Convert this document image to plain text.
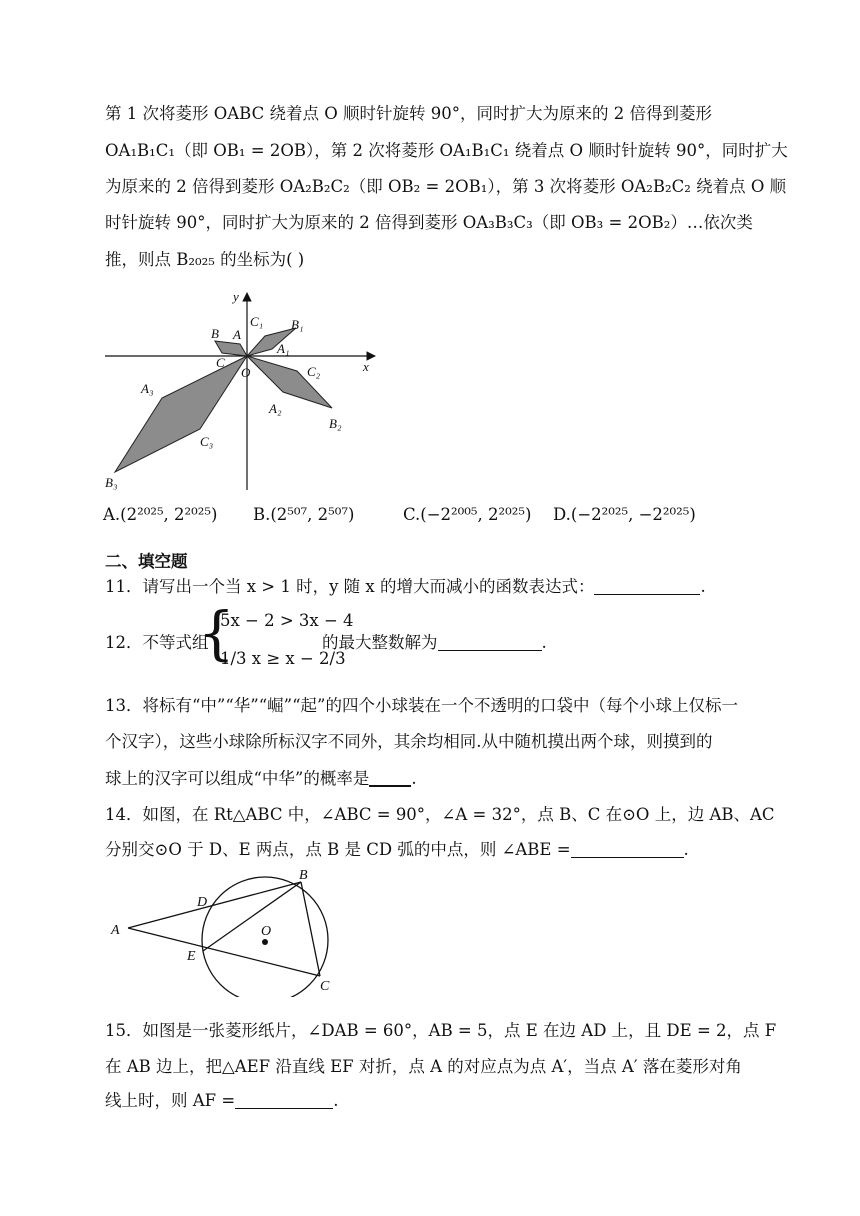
第 1 次将菱形 OABC 绕着点 O 顺时针旋转 90°，同时扩大为原来的 2 倍得到菱形
OA₁B₁C₁（即 OB₁ = 2OB），第 2 次将菱形 OA₁B₁C₁ 绕着点 O 顺时针旋转 90°，同时扩大
为原来的 2 倍得到菱形 OA₂B₂C₂（即 OB₂ = 2OB₁），第 3 次将菱形 OA₂B₂C₂ 绕着点 O 顺
时针旋转 90°，同时扩大为原来的 2 倍得到菱形 OA₃B₃C₃（即 OB₃ = 2OB₂）…依次类
推，则点 B₂₀₂₅ 的坐标为( )
y
x
B A
C₁ B₁
A₁
C
O	C₂
A₃
A₂
B₂
C₃
B₃
A.(2²⁰²⁵, 2²⁰²⁵) B.(2⁵⁰⁷, 2⁵⁰⁷)	C.(−2²⁰⁰⁵, 2²⁰²⁵) D.(−2²⁰²⁵, −2²⁰²⁵)
二、填空题
11．请写出一个当 x > 1 时，y 随 x 的增大而减小的函数表达式：	.
12．不等式组
{
5x − 2 > 3x − 4
1/3 x ≥ x − 2/3
的最大整数解为	.
13．将标有“中”“华”“崛”“起”的四个小球装在一个不透明的口袋中（每个小球上仅标一
个汉字），这些小球除所标汉字不同外，其余均相同.从中随机摸出两个球，则摸到的
球上的汉字可以组成“中华”的概率是	.
14．如图，在 Rt△ABC 中，∠ABC = 90°，∠A = 32°，点 B、C 在⊙O 上，边 AB、AC
分别交⊙O 于 D、E 两点，点 B 是 CD 弧的中点，则 ∠ABE =	.
A
B
C
D
E
O
15．如图是一张菱形纸片，∠DAB = 60°，AB = 5，点 E 在边 AD 上，且 DE = 2，点 F
在 AB 边上，把△AEF 沿直线 EF 对折，点 A 的对应点为点 A′，当点 A′ 落在菱形对角
线上时，则 AF =	.
